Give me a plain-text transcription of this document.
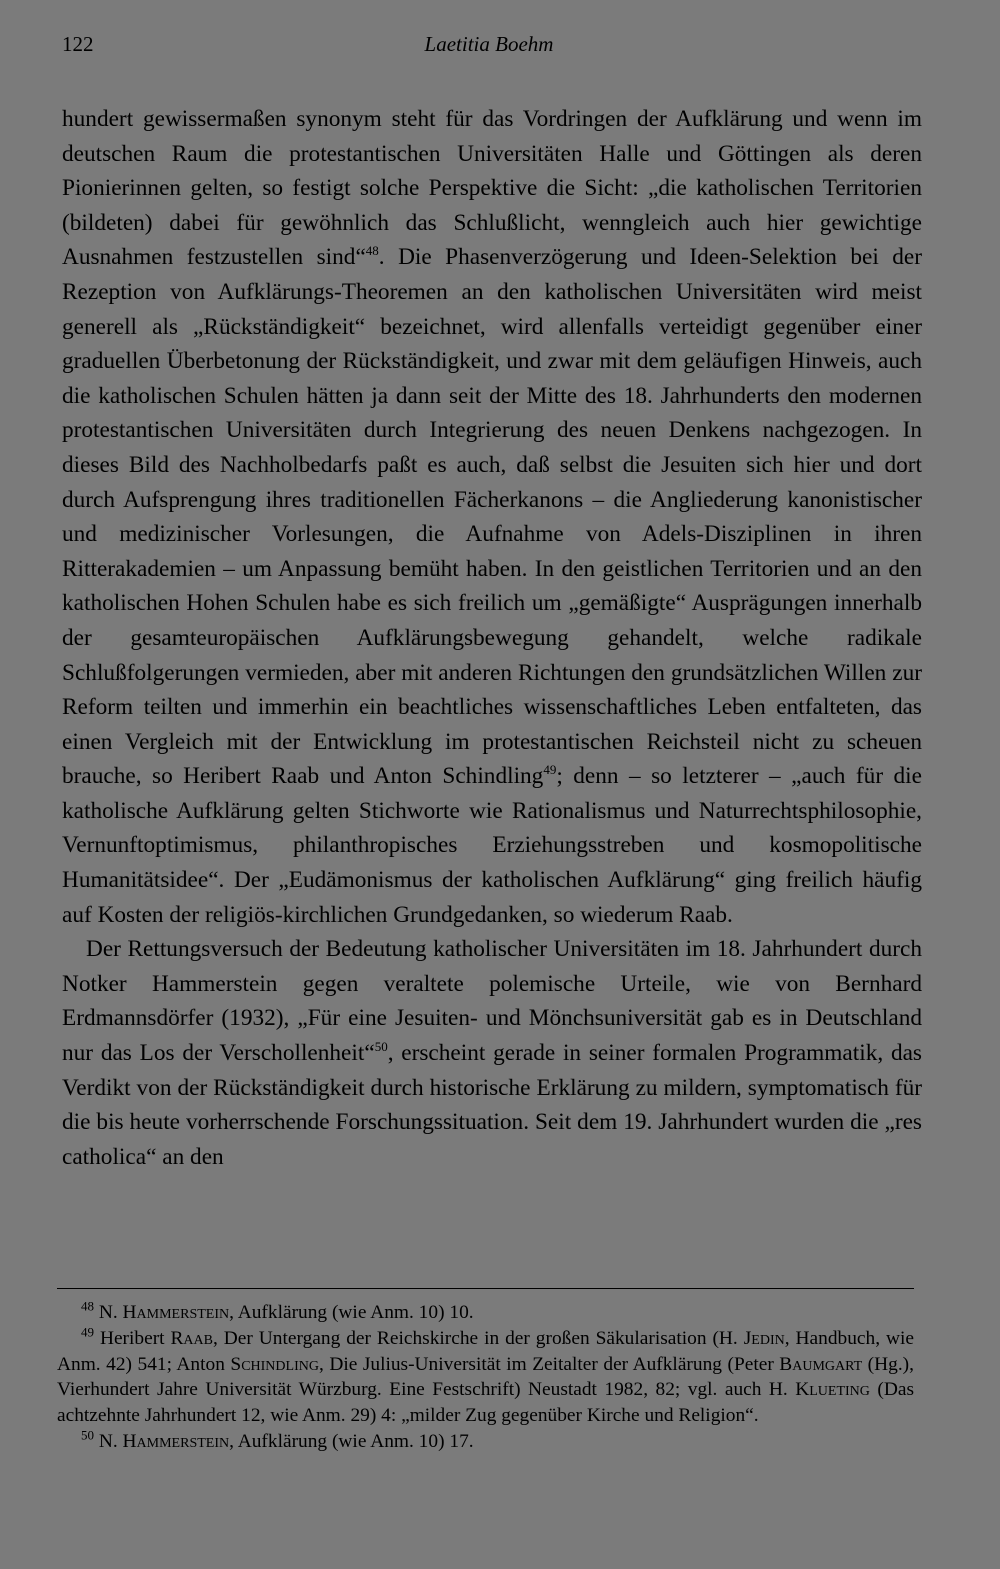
122	Laetitia Boehm

hundert gewissermaßen synonym steht für das Vordringen der Aufklärung und wenn im deutschen Raum die protestantischen Universitäten Halle und Göttingen als deren Pionierinnen gelten, so festigt solche Perspektive die Sicht: „die katholischen Territorien (bildeten) dabei für gewöhnlich das Schlußlicht, wenngleich auch hier gewichtige Ausnahmen festzustellen sind“$^{48}$. Die Phasenverzögerung und Ideen-Selektion bei der Rezeption von Aufklärungs-Theoremen an den katholischen Universitäten wird meist generell als „Rückständigkeit“ bezeichnet, wird allenfalls verteidigt gegenüber einer graduellen Überbetonung der Rückständigkeit, und zwar mit dem geläufigen Hinweis, auch die katholischen Schulen hätten ja dann seit der Mitte des 18. Jahrhunderts den modernen protestantischen Universitäten durch Integrierung des neuen Denkens nachgezogen. In dieses Bild des Nachholbedarfs paßt es auch, daß selbst die Jesuiten sich hier und dort durch Aufsprengung ihres traditionellen Fächerkanons – die Angliederung kanonistischer und medizinischer Vorlesungen, die Aufnahme von Adels-Disziplinen in ihren Ritterakademien – um Anpassung bemüht haben. In den geistlichen Territorien und an den katholischen Hohen Schulen habe es sich freilich um „gemäßigte“ Ausprägungen innerhalb der gesamteuropäischen Aufklärungsbewegung gehandelt, welche radikale Schlußfolgerungen vermieden, aber mit anderen Richtungen den grundsätzlichen Willen zur Reform teilten und immerhin ein beachtliches wissenschaftliches Leben entfalteten, das einen Vergleich mit der Entwicklung im protestantischen Reichsteil nicht zu scheuen brauche, so Heribert Raab und Anton Schindling$^{49}$; denn – so letzterer – „auch für die katholische Aufklärung gelten Stichworte wie Rationalismus und Naturrechtsphilosophie, Vernunftoptimismus, philanthropisches Erziehungsstreben und kosmopolitische Humanitätsidee“. Der „Eudämonismus der katholischen Aufklärung“ ging freilich häufig auf Kosten der religiös-kirchlichen Grundgedanken, so wiederum Raab.

Der Rettungsversuch der Bedeutung katholischer Universitäten im 18. Jahrhundert durch Notker Hammerstein gegen veraltete polemische Urteile, wie von Bernhard Erdmannsdörfer (1932), „Für eine Jesuiten- und Mönchsuniversität gab es in Deutschland nur das Los der Verschollenheit“$^{50}$, erscheint gerade in seiner formalen Programmatik, das Verdikt von der Rückständigkeit durch historische Erklärung zu mildern, symptomatisch für die bis heute vorherrschende Forschungssituation. Seit dem 19. Jahrhundert wurden die „res catholica“ an den

$^{48}$ N. Hammerstein, Aufklärung (wie Anm. 10) 10.

$^{49}$ Heribert Raab, Der Untergang der Reichskirche in der großen Säkularisation (H. Jedin, Handbuch, wie Anm. 42) 541; Anton Schindling, Die Julius-Universität im Zeitalter der Aufklärung (Peter Baumgart (Hg.), Vierhundert Jahre Universität Würzburg. Eine Festschrift) Neustadt 1982, 82; vgl. auch H. Klueting (Das achtzehnte Jahrhundert 12, wie Anm. 29) 4: „milder Zug gegenüber Kirche und Religion“.

$^{50}$ N. Hammerstein, Aufklärung (wie Anm. 10) 17.
